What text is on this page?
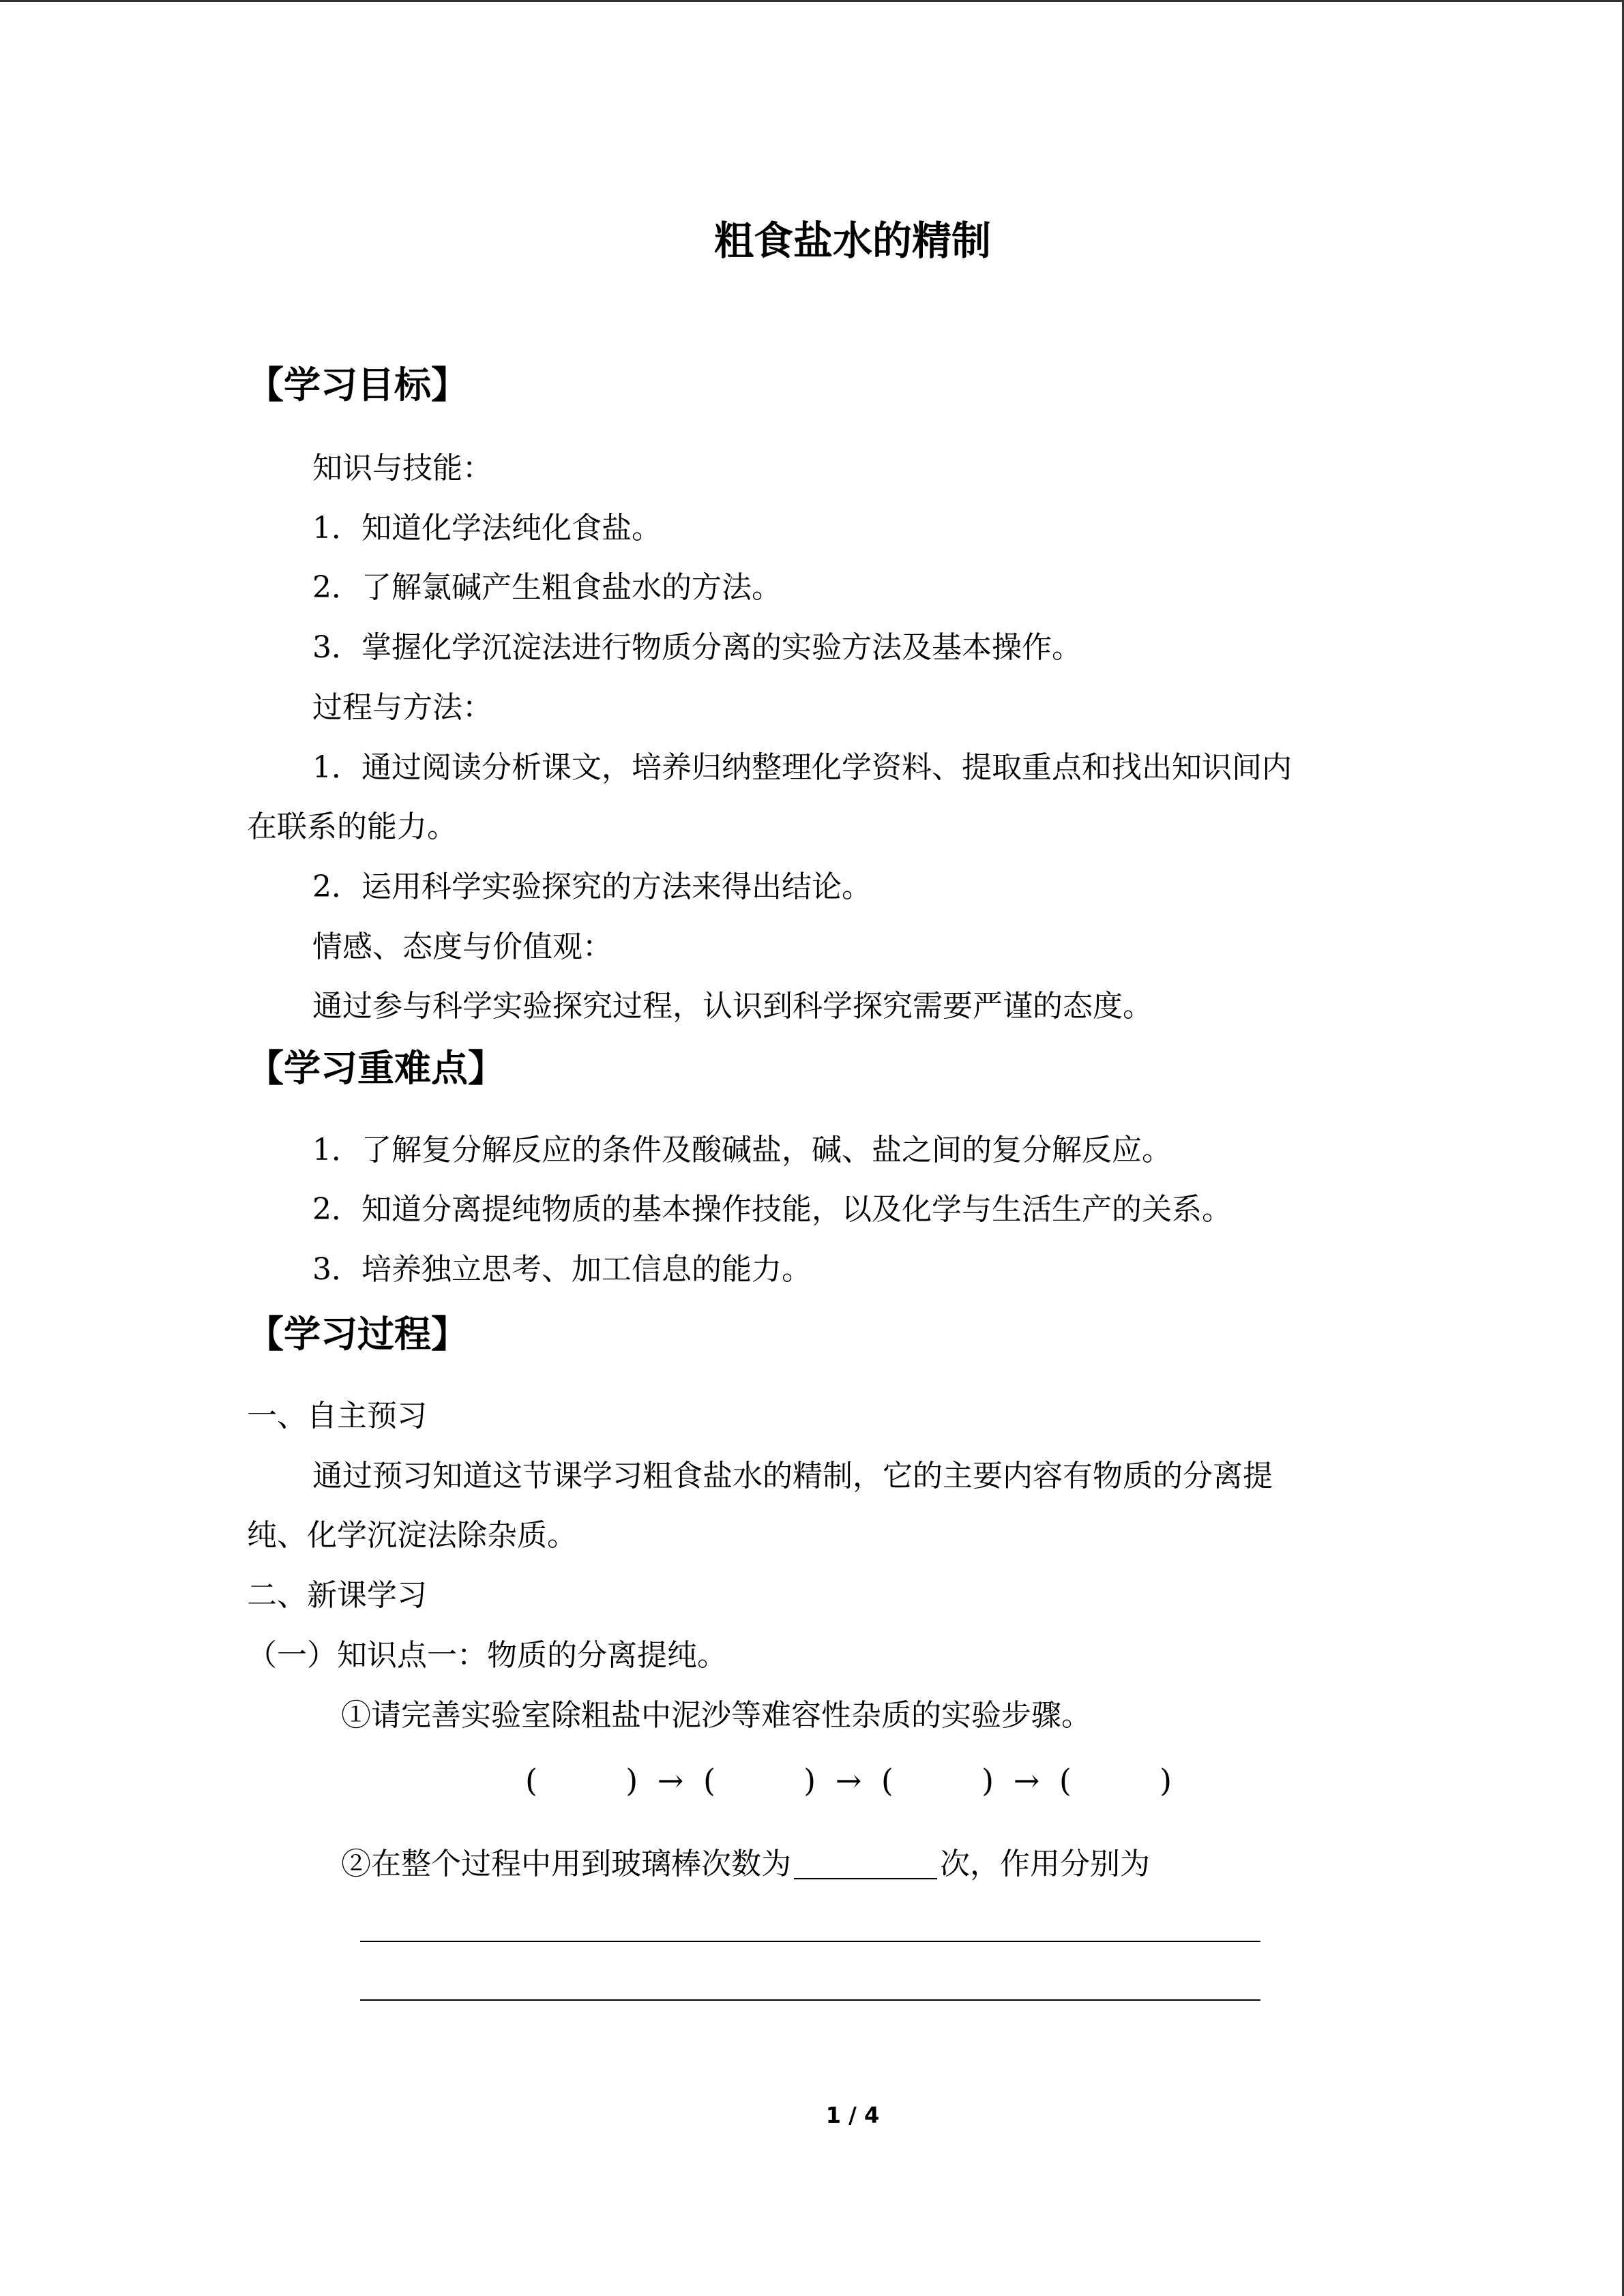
粗食盐水的精制
【学习目标】
知识与技能：
1．知道化学法纯化食盐。
2．了解氯碱产生粗食盐水的方法。
3．掌握化学沉淀法进行物质分离的实验方法及基本操作。
过程与方法：
1．通过阅读分析课文，培养归纳整理化学资料、提取重点和找出知识间内
在联系的能力。
2．运用科学实验探究的方法来得出结论。
情感、态度与价值观：
通过参与科学实验探究过程，认识到科学探究需要严谨的态度。
【学习重难点】
1．了解复分解反应的条件及酸碱盐，碱、盐之间的复分解反应。
2．知道分离提纯物质的基本操作技能，以及化学与生活生产的关系。
3．培养独立思考、加工信息的能力。
【学习过程】
一、自主预习
通过预习知道这节课学习粗食盐水的精制，它的主要内容有物质的分离提
纯、化学沉淀法除杂质。
二、新课学习
（一）知识点一：物质的分离提纯。
①请完善实验室除粗盐中泥沙等难容性杂质的实验步骤。
(	) → (	) → (	) → (	)
②在整个过程中用到玻璃棒次数为	次，作用分别为
1 / 4
